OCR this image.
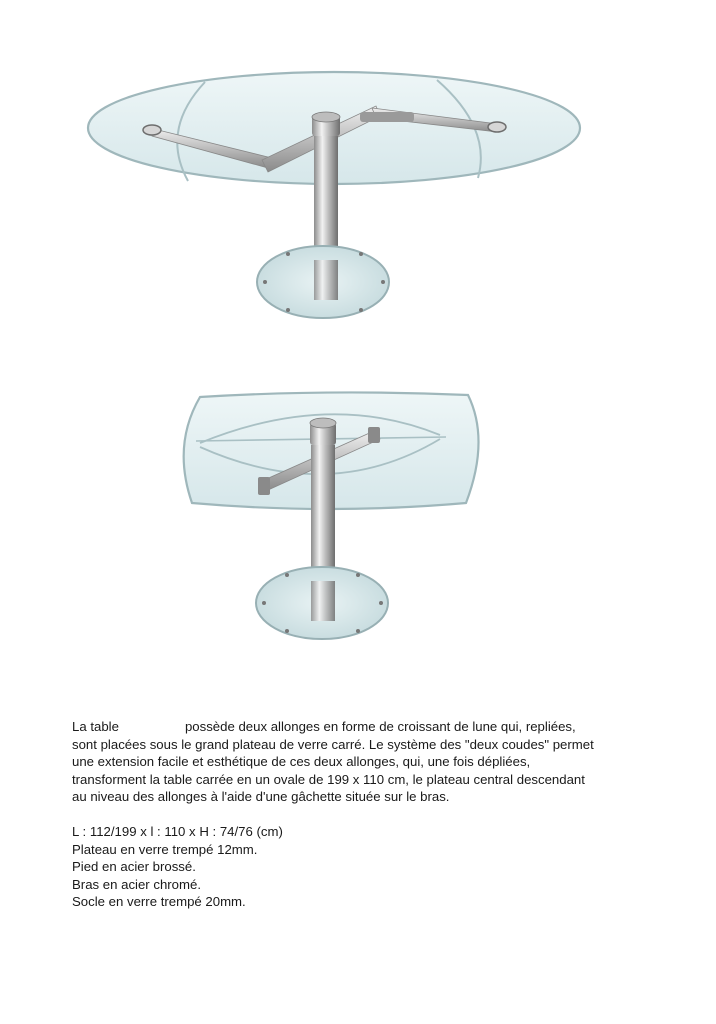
La table	possède deux allonges en forme de croissant de lune qui, repliées,

sont placées sous le grand plateau de verre carré. Le système des "deux coudes" permet

une extension facile et esthétique de ces deux allonges, qui, une fois dépliées,

transforment la table carrée en un ovale de 199 x 110 cm, le plateau central descendant

au niveau des allonges à l'aide d'une gâchette située sur le bras.

L : 112/199 x l : 110 x H : 74/76 (cm)
Plateau en verre trempé 12mm.
Pied en acier brossé.
Bras en acier chromé.
Socle en verre trempé 20mm.
